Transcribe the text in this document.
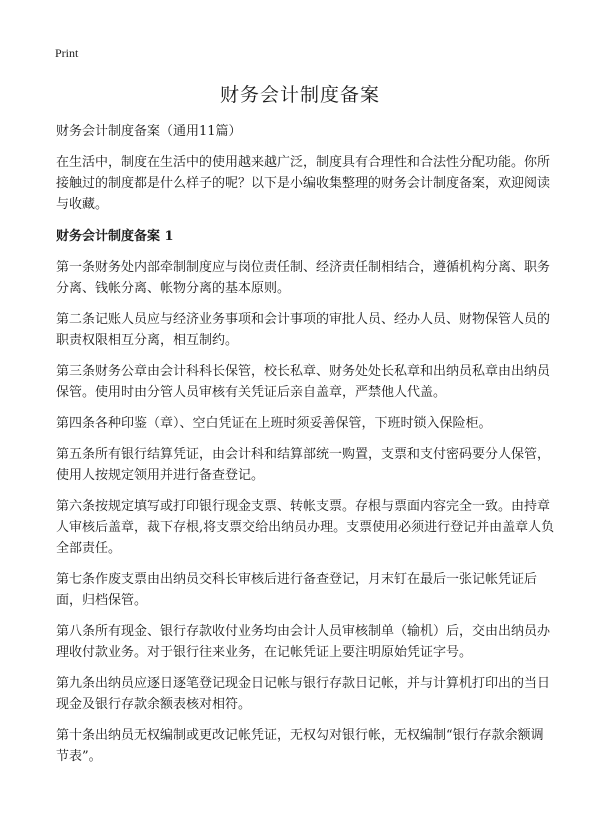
Print
财务会计制度备案

财务会计制度备案（通用11篇）

在生活中，制度在生活中的使用越来越广泛，制度具有合理性和合法性分配功能。你所接触过的制度都是什么样子的呢？以下是小编收集整理的财务会计制度备案，欢迎阅读与收藏。

财务会计制度备案 1

第一条财务处内部牵制制度应与岗位责任制、经济责任制相结合，遵循机构分离、职务分离、钱帐分离、帐物分离的基本原则。

第二条记账人员应与经济业务事项和会计事项的审批人员、经办人员、财物保管人员的职责权限相互分离，相互制约。

第三条财务公章由会计科科长保管，校长私章、财务处处长私章和出纳员私章由出纳员保管。使用时由分管人员审核有关凭证后亲自盖章，严禁他人代盖。

第四条各种印鉴（章）、空白凭证在上班时须妥善保管，下班时锁入保险柜。

第五条所有银行结算凭证，由会计科和结算部统一购置，支票和支付密码要分人保管，使用人按规定领用并进行备查登记。

第六条按规定填写或打印银行现金支票、转帐支票。存根与票面内容完全一致。由持章人审核后盖章，裁下存根,将支票交给出纳员办理。支票使用必须进行登记并由盖章人负全部责任。

第七条作废支票由出纳员交科长审核后进行备查登记，月末钉在最后一张记帐凭证后面，归档保管。

第八条所有现金、银行存款收付业务均由会计人员审核制单（输机）后，交由出纳员办理收付款业务。对于银行往来业务，在记帐凭证上要注明原始凭证字号。

第九条出纳员应逐日逐笔登记现金日记帐与银行存款日记帐，并与计算机打印出的当日现金及银行存款余额表核对相符。

第十条出纳员无权编制或更改记帐凭证，无权勾对银行帐，无权编制“银行存款余额调节表”。
